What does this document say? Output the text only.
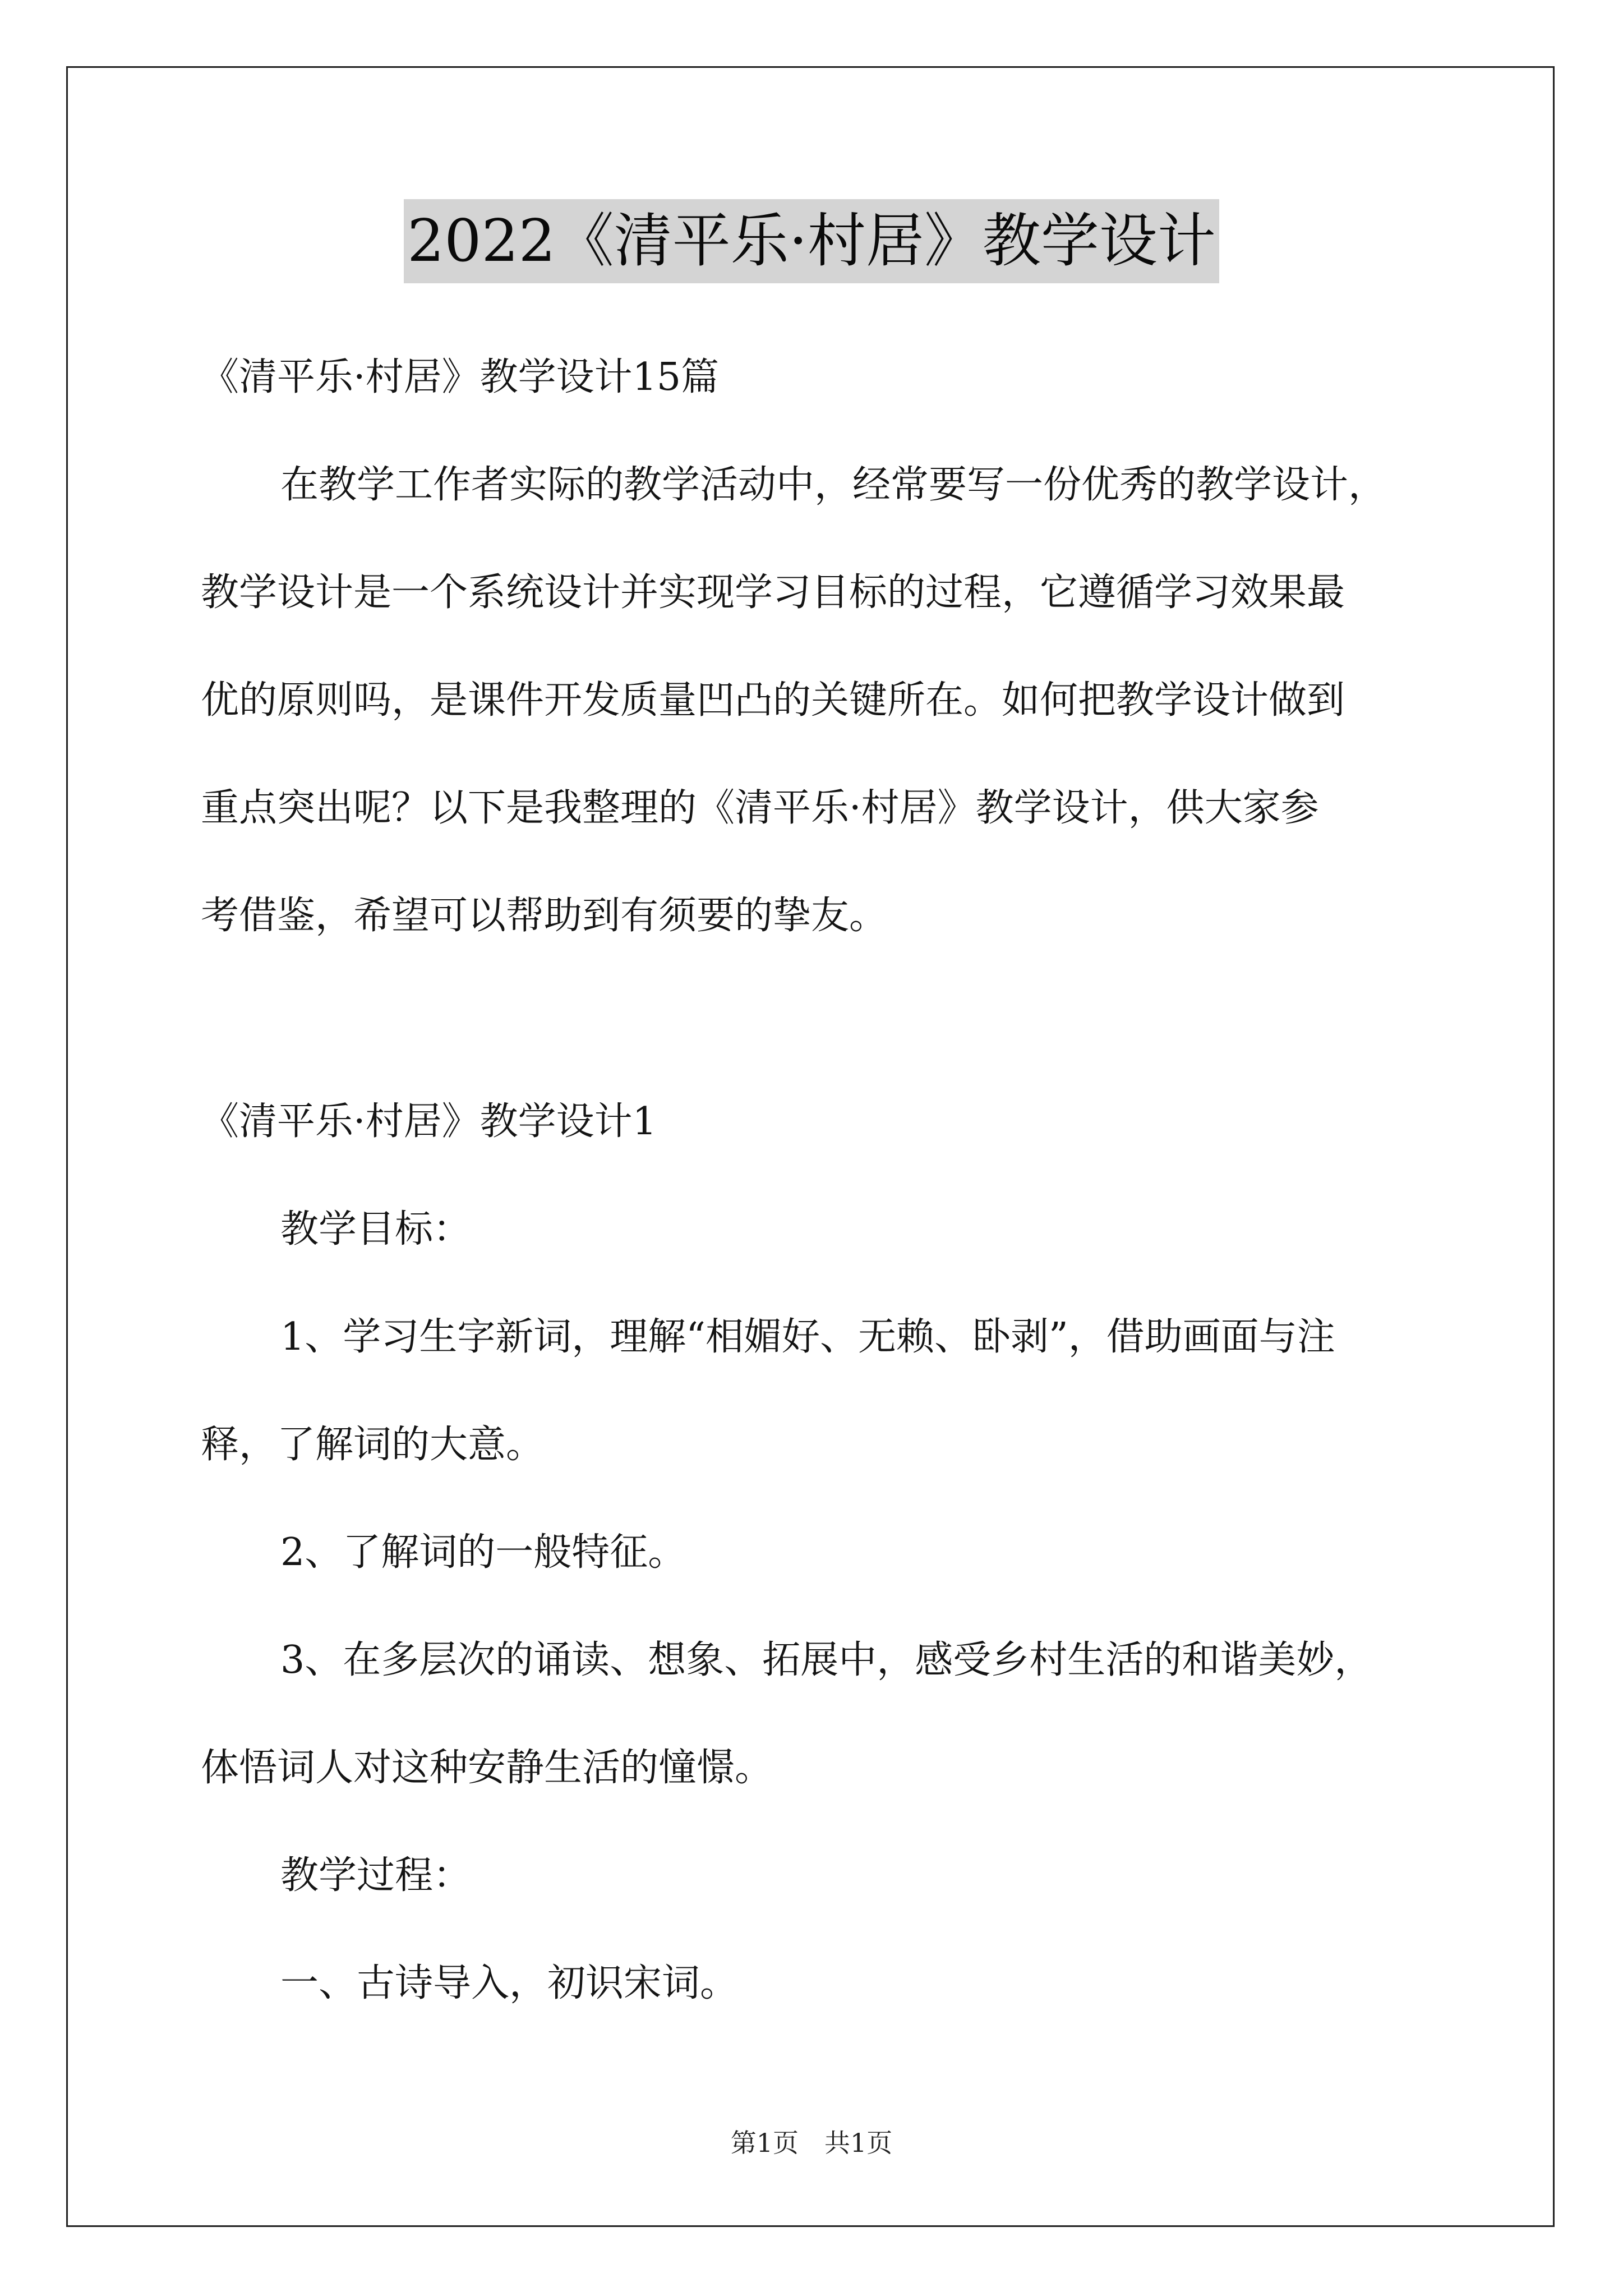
2022《清平乐·村居》教学设计
《清平乐·村居》教学设计15篇
在教学工作者实际的教学活动中，经常要写一份优秀的教学设计，
教学设计是一个系统设计并实现学习目标的过程，它遵循学习效果最
优的原则吗，是课件开发质量凹凸的关键所在。如何把教学设计做到
重点突出呢？以下是我整理的《清平乐·村居》教学设计，供大家参
考借鉴，希望可以帮助到有须要的挚友。
《清平乐·村居》教学设计1
教学目标：
1、学习生字新词，理解“相媚好、无赖、卧剥”，借助画面与注
释，了解词的大意。
2、了解词的一般特征。
3、在多层次的诵读、想象、拓展中，感受乡村生活的和谐美妙，
体悟词人对这种安静生活的憧憬。
教学过程：
一、古诗导入，初识宋词。
第1页　共1页
